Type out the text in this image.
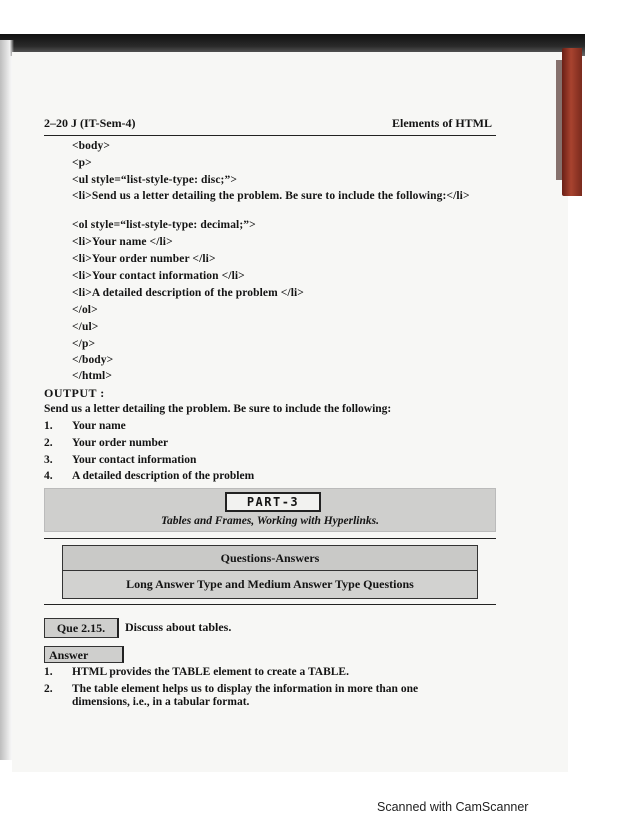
2–20 J (IT-Sem-4)	Elements of HTML
<body>
<p>
<ul style=“list-style-type: disc;”>
<li>Send us a letter detailing the problem. Be sure to include the following:</li>
<ol style=“list-style-type: decimal;”>
<li>Your name </li>
<li>Your order number </li>
<li>Your contact information </li>
<li>A detailed description of the problem </li>
</ol>
</ul>
</p>
</body>
</html>
OUTPUT :
Send us a letter detailing the problem. Be sure to include the following:
1. Your name
2. Your order number
3. Your contact information
4. A detailed description of the problem
PART-3
Tables and Frames, Working with Hyperlinks.
Questions-Answers
Long Answer Type and Medium Answer Type Questions
Que 2.15.	Discuss about tables.
Answer
1. HTML provides the TABLE element to create a TABLE.
2. The table element helps us to display the information in more than one
dimensions, i.e., in a tabular format.
Scanned with CamScanner
